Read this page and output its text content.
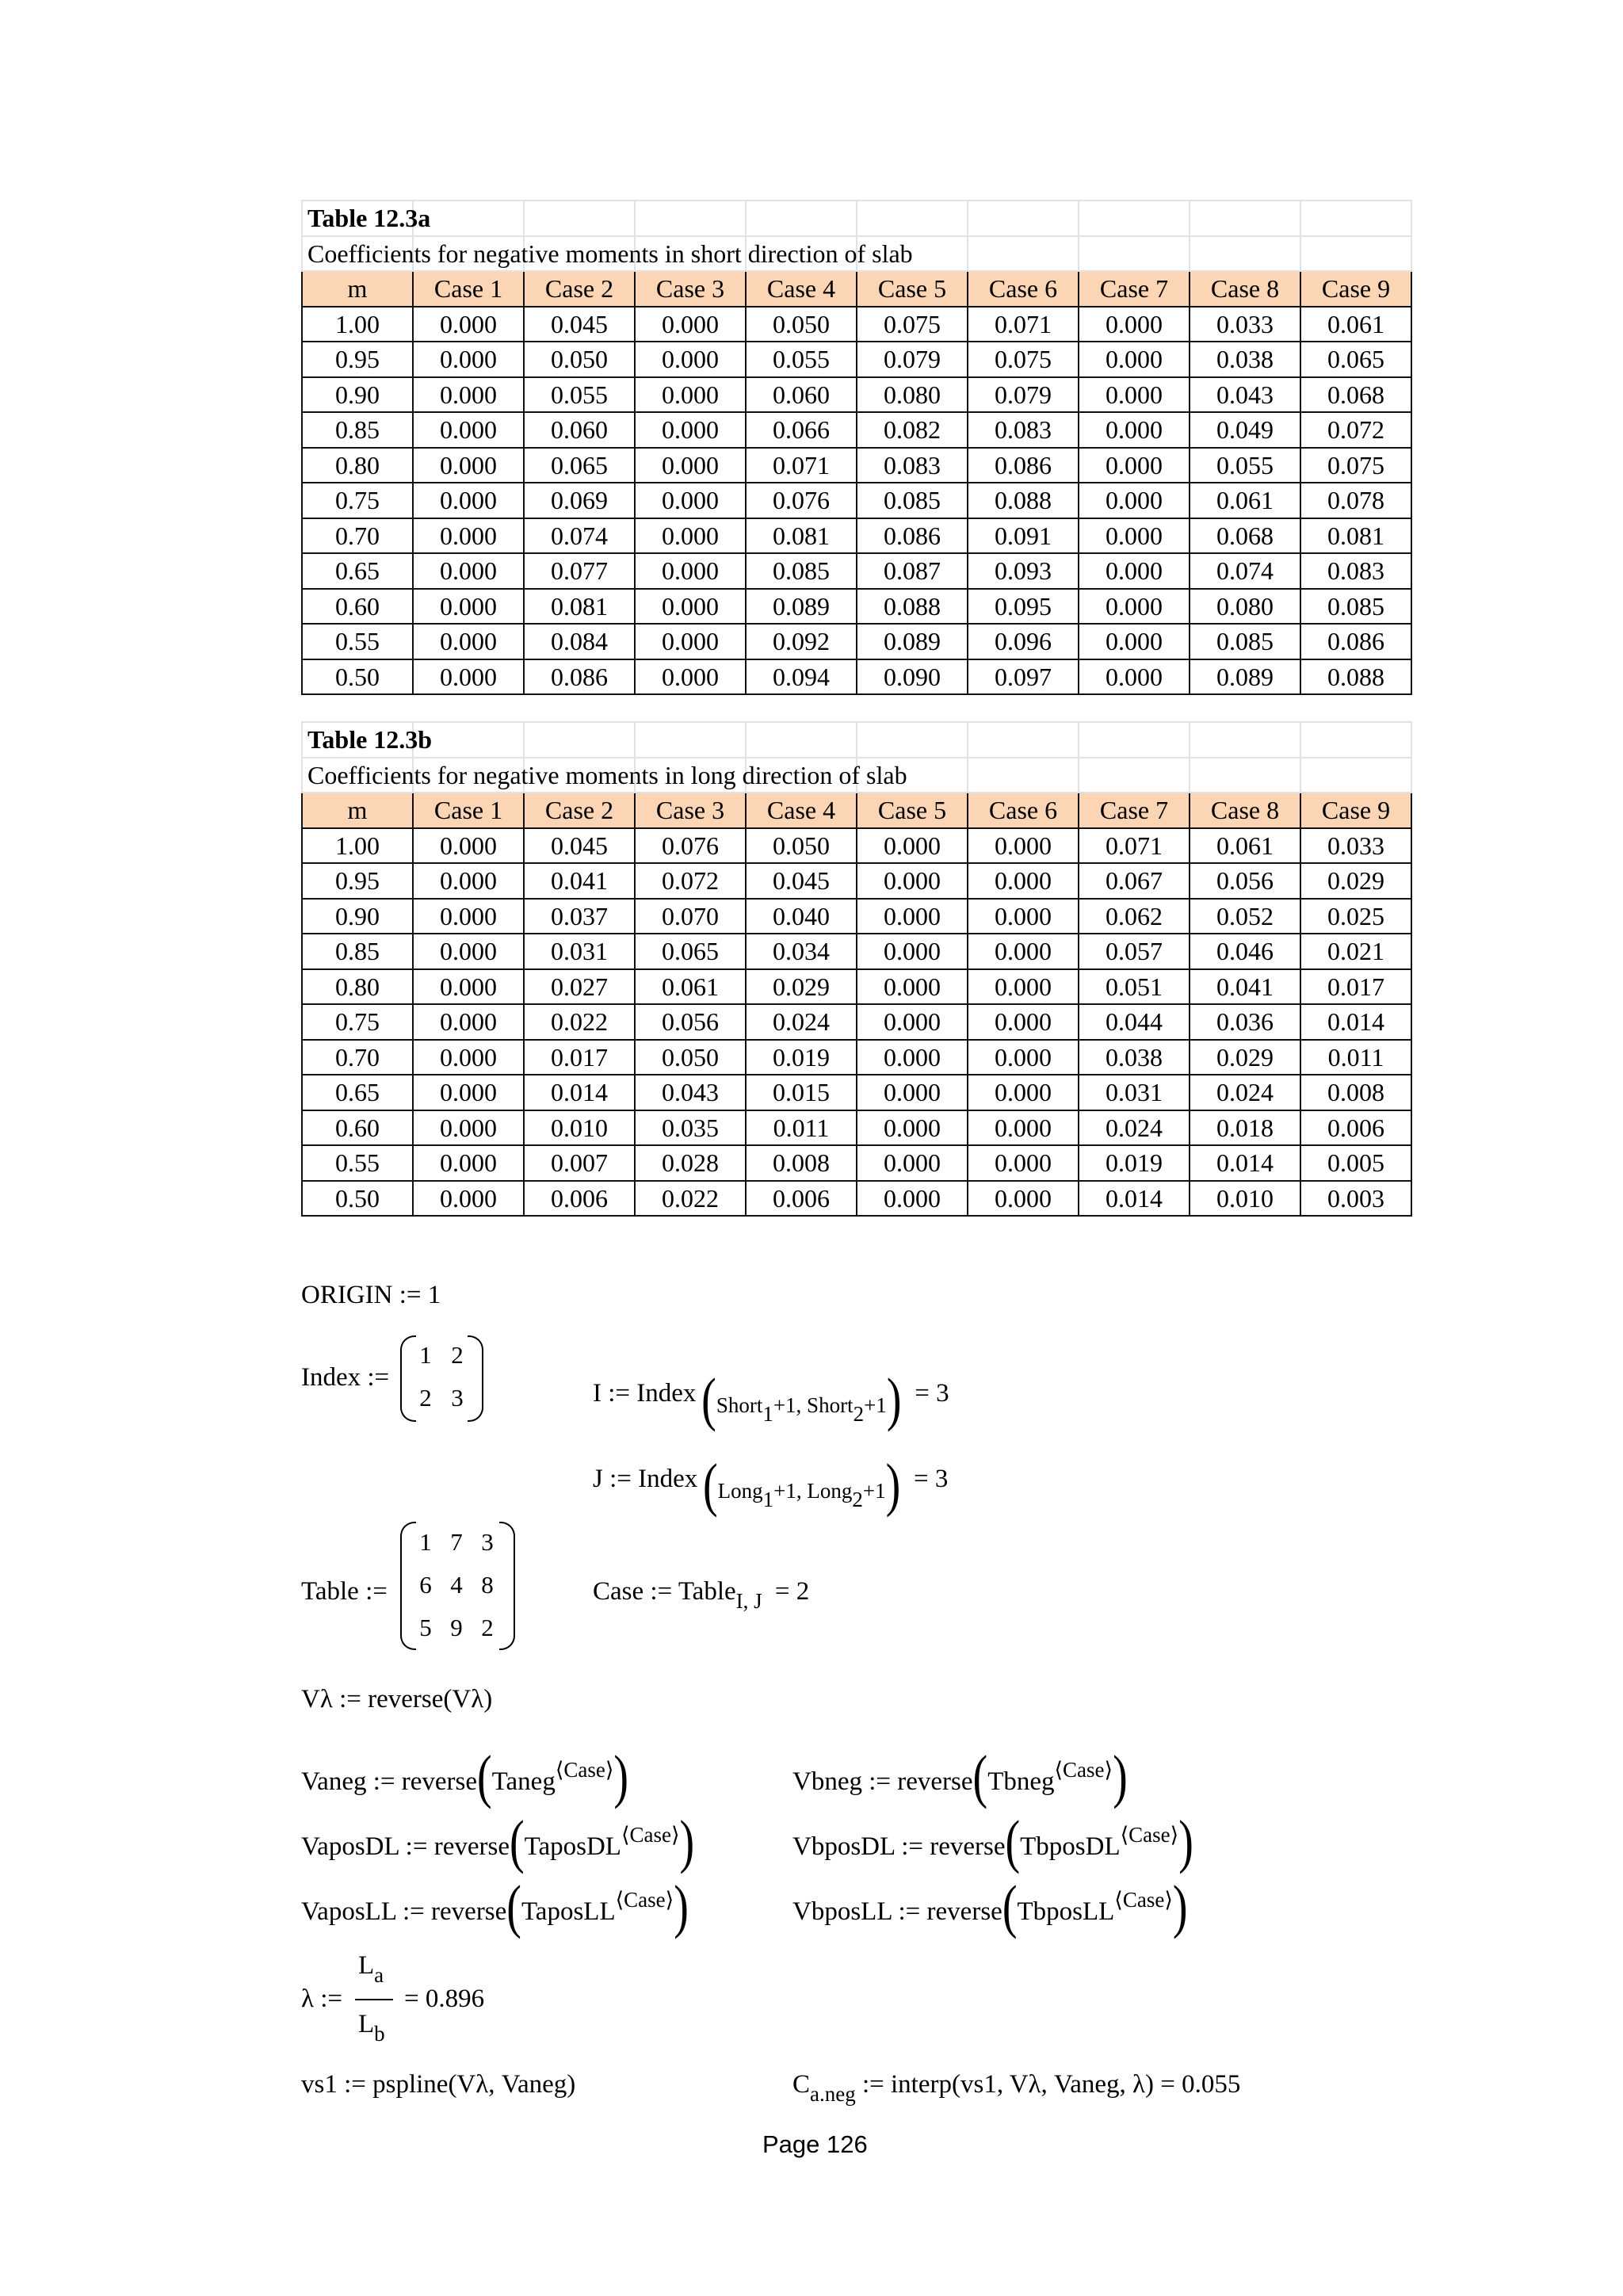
Table 12.3a									
Coefficients for negative moments in short direction of slab									
m	Case 1	Case 2	Case 3	Case 4	Case 5	Case 6	Case 7	Case 8	Case 9
1.00	0.000	0.045	0.000	0.050	0.075	0.071	0.000	0.033	0.061
0.95	0.000	0.050	0.000	0.055	0.079	0.075	0.000	0.038	0.065
0.90	0.000	0.055	0.000	0.060	0.080	0.079	0.000	0.043	0.068
0.85	0.000	0.060	0.000	0.066	0.082	0.083	0.000	0.049	0.072
0.80	0.000	0.065	0.000	0.071	0.083	0.086	0.000	0.055	0.075
0.75	0.000	0.069	0.000	0.076	0.085	0.088	0.000	0.061	0.078
0.70	0.000	0.074	0.000	0.081	0.086	0.091	0.000	0.068	0.081
0.65	0.000	0.077	0.000	0.085	0.087	0.093	0.000	0.074	0.083
0.60	0.000	0.081	0.000	0.089	0.088	0.095	0.000	0.080	0.085
0.55	0.000	0.084	0.000	0.092	0.089	0.096	0.000	0.085	0.086
0.50	0.000	0.086	0.000	0.094	0.090	0.097	0.000	0.089	0.088
Table 12.3b									
Coefficients for negative moments in long direction of slab									
m	Case 1	Case 2	Case 3	Case 4	Case 5	Case 6	Case 7	Case 8	Case 9
1.00	0.000	0.045	0.076	0.050	0.000	0.000	0.071	0.061	0.033
0.95	0.000	0.041	0.072	0.045	0.000	0.000	0.067	0.056	0.029
0.90	0.000	0.037	0.070	0.040	0.000	0.000	0.062	0.052	0.025
0.85	0.000	0.031	0.065	0.034	0.000	0.000	0.057	0.046	0.021
0.80	0.000	0.027	0.061	0.029	0.000	0.000	0.051	0.041	0.017
0.75	0.000	0.022	0.056	0.024	0.000	0.000	0.044	0.036	0.014
0.70	0.000	0.017	0.050	0.019	0.000	0.000	0.038	0.029	0.011
0.65	0.000	0.014	0.043	0.015	0.000	0.000	0.031	0.024	0.008
0.60	0.000	0.010	0.035	0.011	0.000	0.000	0.024	0.018	0.006
0.55	0.000	0.007	0.028	0.008	0.000	0.000	0.019	0.014	0.005
0.50	0.000	0.006	0.022	0.006	0.000	0.000	0.014	0.010	0.003
ORIGIN := 1
Index :=
1 2
2 3	I := Index $_{(Short1+1, Short2+1)}$ = 3
J := Index $_{(Long1+1, Long2+1)}$ = 3
Table :=
1 7 3
6 4 8
5 9 2
Case := Table$_{I, J}$ = 2
Vλ := reverse(Vλ)
Vaneg := reverse(Taneg$^{⟨Case⟩}$)	Vbneg := reverse(Tbneg$^{⟨Case⟩}$)
VaposDL := reverse(TaposDL$^{⟨Case⟩}$)	VbposDL := reverse(TbposDL$^{⟨Case⟩}$)
VaposLL := reverse(TaposLL$^{⟨Case⟩}$)	VbposLL := reverse(TbposLL$^{⟨Case⟩}$)
λ :=
$L_a$
$L_b$
= 0.896
vs1 := pspline(Vλ, Vaneg)	$C_{a.neg}$ := interp(vs1, Vλ, Vaneg, λ) = 0.055
Page 126
